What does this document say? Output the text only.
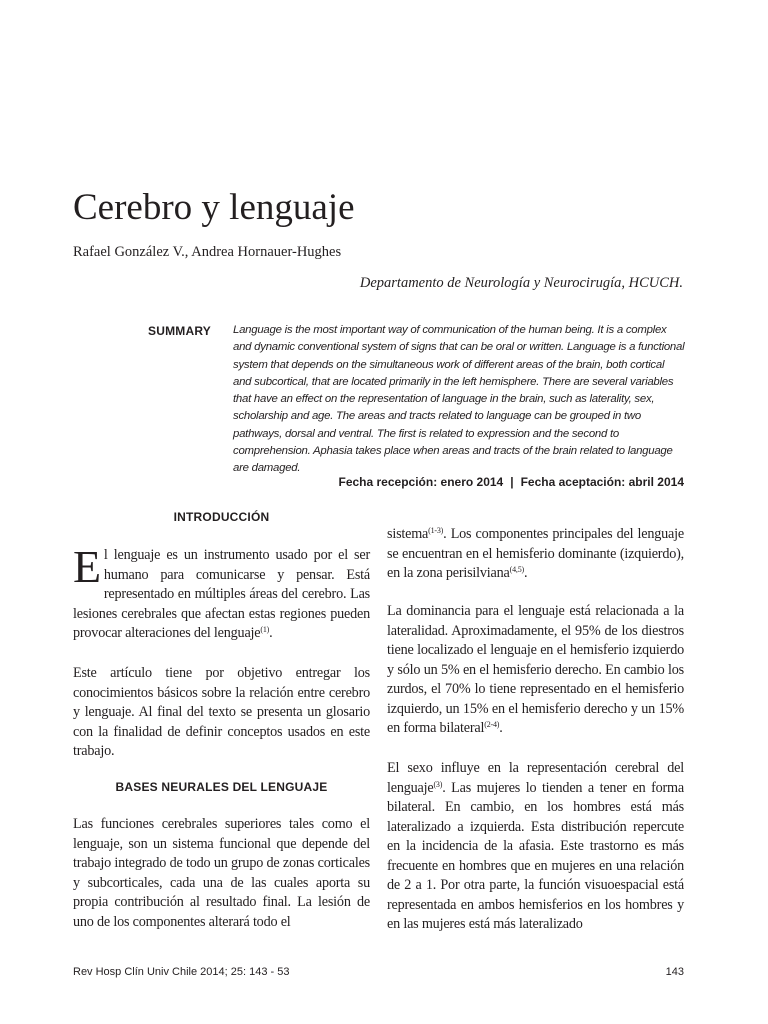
Cerebro y lenguaje

Rafael González V., Andrea Hornauer-Hughes

Departamento de Neurología y Neurocirugía, HCUCH.

SUMMARY Language is the most important way of communication of the human being. It is a complex and dynamic conventional system of signs that can be oral or written. Language is a functional system that depends on the simultaneous work of different areas of the brain, both cortical and subcortical, that are located primarily in the left hemisphere. There are several variables that have an effect on the representation of language in the brain, such as laterality, sex, scholarship and age. The areas and tracts related to language can be grouped in two pathways, dorsal and ventral. The first is related to expression and the second to comprehension. Aphasia takes place when areas and tracts of the brain related to language are damaged.

Fecha recepción: enero 2014 | Fecha aceptación: abril 2014

INTRODUCCIÓN

El lenguaje es un instrumento usado por el ser humano para comunicarse y pensar. Está representado en múltiples áreas del cerebro. Las lesiones cerebrales que afectan estas regiones pueden provocar alteraciones del lenguaje$^{(1)}$.

Este artículo tiene por objetivo entregar los conocimientos básicos sobre la relación entre cerebro y lenguaje. Al final del texto se presenta un glosario con la finalidad de definir conceptos usados en este trabajo.

BASES NEURALES DEL LENGUAJE

Las funciones cerebrales superiores tales como el lenguaje, son un sistema funcional que depende del trabajo integrado de todo un grupo de zonas corticales y subcorticales, cada una de las cuales aporta su propia contribución al resultado final. La lesión de uno de los componentes alterará todo el

sistema$^{(1-3)}$. Los componentes principales del lenguaje se encuentran en el hemisferio dominante (izquierdo), en la zona perisilviana$^{(4,5)}$.

La dominancia para el lenguaje está relacionada a la lateralidad. Aproximadamente, el 95% de los diestros tiene localizado el lenguaje en el hemisferio izquierdo y sólo un 5% en el hemisferio derecho. En cambio los zurdos, el 70% lo tiene representado en el hemisferio izquierdo, un 15% en el hemisferio derecho y un 15% en forma bilateral$^{(2-4)}$.

El sexo influye en la representación cerebral del lenguaje$^{(3)}$. Las mujeres lo tienden a tener en forma bilateral. En cambio, en los hombres está más lateralizado a izquierda. Esta distribución repercute en la incidencia de la afasia. Este trastorno es más frecuente en hombres que en mujeres en una relación de 2 a 1. Por otra parte, la función visuoespacial está representada en ambos hemisferios en los hombres y en las mujeres está más lateralizado

Rev Hosp Clín Univ Chile 2014; 25: 143 - 53	143
